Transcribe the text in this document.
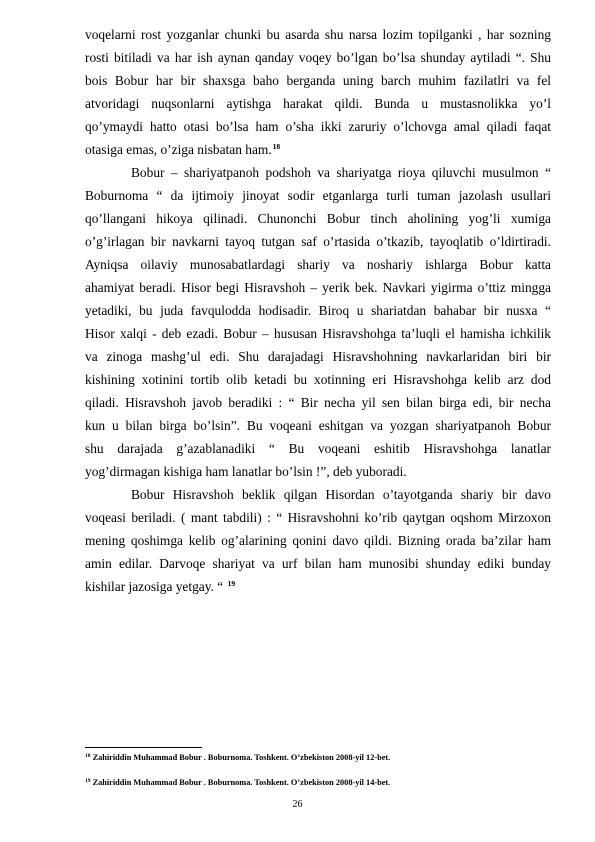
voqelarni rost yozganlar chunki bu asarda shu narsa lozim topilganki , har sozning
rosti bitiladi va har ish aynan qanday voqey bo’lgan bo’lsa shunday aytiladi “. Shu
bois Bobur har bir shaxsga baho berganda uning barch muhim fazilatlri va fel
atvoridagi nuqsonlarni aytishga harakat qildi. Bunda u mustasnolikka yo’l
qo’ymaydi hatto otasi bo’lsa ham o’sha ikki zaruriy o’lchovga amal qiladi faqat
otasiga emas, o’ziga nisbatan ham.$^{18}$
Bobur – shariyatpanoh podshoh va shariyatga rioya qiluvchi musulmon “
Boburnoma “ da ijtimoiy jinoyat sodir etganlarga turli tuman jazolash usullari
qo’llangani hikoya qilinadi. Chunonchi Bobur tinch aholining yog’li xumiga
o’g’irlagan bir navkarni tayoq tutgan saf o’rtasida o’tkazib, tayoqlatib o’ldirtiradi.
Ayniqsa oilaviy munosabatlardagi shariy va noshariy ishlarga Bobur katta
ahamiyat beradi. Hisor begi Hisravshoh – yerik bek. Navkari yigirma o’ttiz mingga
yetadiki, bu juda favqulodda hodisadir. Biroq u shariatdan bahabar bir nusxa “
Hisor xalqi - deb ezadi. Bobur – hususan Hisravshohga ta’luqli el hamisha ichkilik
va zinoga mashg’ul edi. Shu darajadagi Hisravshohning navkarlaridan biri bir
kishining xotinini tortib olib ketadi bu xotinning eri Hisravshohga kelib arz dod
qiladi. Hisravshoh javob beradiki : “ Bir necha yil sen bilan birga edi, bir necha
kun u bilan birga bo’lsin”. Bu voqeani eshitgan va yozgan shariyatpanoh Bobur
shu darajada g’azablanadiki “ Bu voqeani eshitib Hisravshohga lanatlar
yog’dirmagan kishiga ham lanatlar bo’lsin !”, deb yuboradi.
Bobur Hisravshoh beklik qilgan Hisordan o’tayotganda shariy bir davo
voqeasi beriladi. ( mant tabdili) : “ Hisravshohni ko’rib qaytgan oqshom Mirzoxon
mening qoshimga kelib og’alarining qonini davo qildi. Bizning orada ba’zilar ham
amin edilar. Darvoqe shariyat va urf bilan ham munosibi shunday ediki bunday
kishilar jazosiga yetgay. “ $^{19}$
$^{18}$ Zahiriddin Muhammad Bobur . Boburnoma. Toshkent. O’zbekiston 2008-yil 12-bet.
$^{19}$ Zahiriddin Muhammad Bobur . Boburnoma. Toshkent. O’zbekiston 2008-yil 14-bet.
26
